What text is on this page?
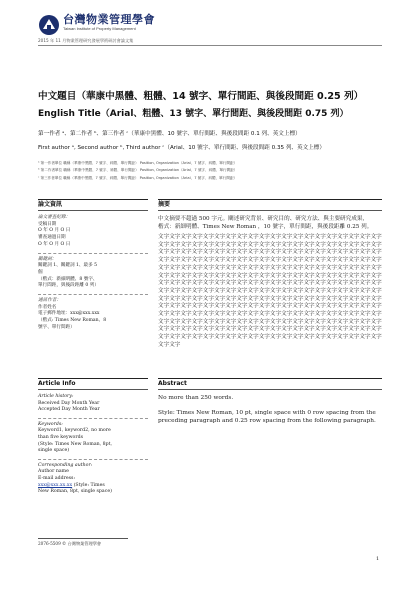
台灣物業管理學會
Taiwan Institute of Property Management
2015 年 11 月物業管理研究發展學術研討會論文集
中文題目（華康中黑體、粗體、14 號字、單行間距、與後段間距 0.25 列）
English Title（Arial、粗體、13 號字、單行間距、與後段間距 0.75 列）
第一作者 ᵃ、第二作者 ᵇ、第三作者 ᶜ（華康中黑體、10 號字、單行間距、與後段間距 0.1 列、英文上標）
First author ᵃ, Second author ᵇ, Third author ᶜ（Arial、10 號字、單行間距、與後段間距 0.35 列、英文上標）
ᵃ 第一作者單位 職稱（華康中黑體、7 號字、斜體、單行間距） Position, Organization（Arial、7 號字、斜體、單行間距）
ᵇ 第二作者單位 職稱（華康中黑體、7 號字、斜體、單行間距） Position, Organization（Arial、7 號字、斜體、單行間距）
ᶜ 第三作者單位 職稱（華康中黑體、7 號字、斜體、單行間距） Position, Organization（Arial、7 號字、斜體、單行間距）
論文資訊
論文審查紀錄：
受稿日期
O 年 O 月 O 日
審查通過日期
O 年 O 月 O 日
關鍵詞：
關鍵詞 1、關鍵詞 1、最多 5
個
（楷式：新細明體、8 號字、
單行間距，與後段距離 0 列）
通訊作者：
作者姓名
電子郵件地址：xxx@xxx.xxx
（楷式: Times New Roman、8
號字、單行間距）
摘要
中文摘要不超過 500 字元。闡述研究背景、研究目的、研究方法、與主要研究成果，
楷式：新細明體、Times New Roman ，10 號字，單行間距，與後段距離 0.25 列。
文字文字文字文字文字文字文字文字文字文字文字文字文字文字文字文字文字文字文字文字文字文字文字文字文字文字文字文字文字文字文字文字文字文字文字文字文字文字文字文字文字文字文字文字文字文字文字文字文字文字文字文字文字文字文字文字文字文字文字文字文字文字文字文字文字文字文字文字文字文字文字文字文字文字文字文字文字文字文字文字文字文字文字文字文字文字文字文字文字文字文字文字文字文字文字文字文字文字文字文字文字文字文字文字文字文字文字文字文字文字文字文字文字文字文字文字文字文字文字文字文字文字文字文字文字文字文字文字文字文字文字文字文字文字文字文字文字文字文字文字文字文字文字文字文字文字文字文字文字文字文字文字文字文字文字文字文字文字文字文字文字文字文字文字文字文字文字文字文字文字文字文字文字文字文字文字文字文字文字文字文字文字文字文字文字文字文字文字文字文字文字文字文字文字文字文字文字文字文字文字文字文字文字文字文字文字文字文字文字文字文字文字文字文字文字文字文字文字文字文字文字文字文字文字文字文字文字文字文字文字文字文字文字文字文字文字文字文字文字文字文字文字文字文字文字文字文字文字文字文字文字文字文字文字文字文字文字文字文字文字文字文字文字文字文字文字文字文字文字文字文字文字文字文字文字文字文字文字文字文字文字文字
Article Info
Article history:
Received Day Month Year
Accepted Day Month Year
Keywords:
Keyword1, keyword2, no more
than five keywords
(Style: Times New Roman, 8pt,
single space)
Corresponding author:
Author name
E-mail address:
xxx@xxx.xx.xx (Style: Times
New Roman, 8pt, single space)
Abstract

No more than 250 words.

Style: Times New Roman, 10 pt, single space with 0 row spacing from the preceding paragraph and 0.25 row spacing from the following paragraph.

2076-5509 © 台灣物業管理學會
1
